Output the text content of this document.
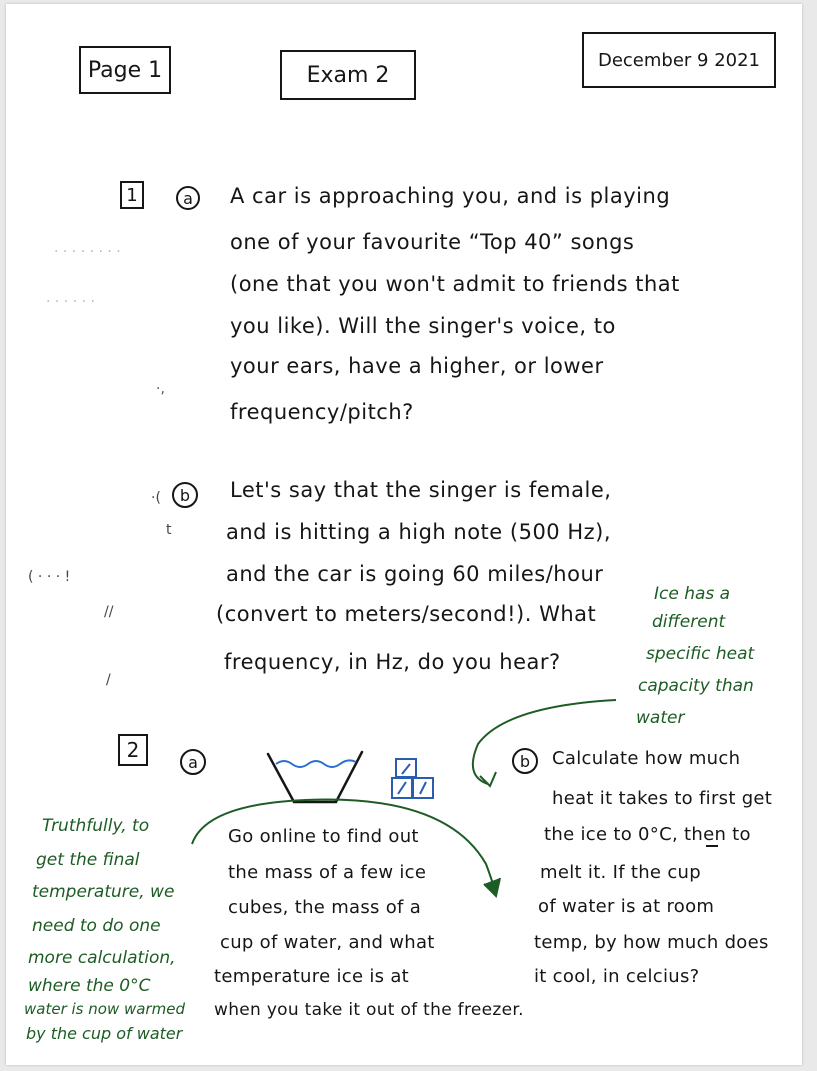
Page 1	Exam 2
December 9 2021
· · · · · · · ·
· · · · · ·
·,
·(
t
( · · · !
//
/
1	a A car is approaching you, and is playing
one of your favourite “Top 40” songs
(one that you won't admit to friends that
you like). Will the singer's voice, to
your ears, have a higher, or lower
frequency/pitch?
b Let's say that the singer is female,
and is hitting a high note (500 Hz),
and the car is going 60 miles/hour
(convert to meters/second!). What
frequency, in Hz, do you hear?
Ice has a
different
specific heat
capacity than
water
2	a
Go online to find out
the mass of a few ice
cubes, the mass of a
cup of water, and what
temperature ice is at
when you take it out of the freezer.
b Calculate how much
heat it takes to first get
the ice to 0°C, then to
melt it. If the cup
of water is at room
temp, by how much does
it cool, in celcius?
Truthfully, to
get the final
temperature, we
need to do one
more calculation,
where the 0°C
water is now warmed
by the cup of water
